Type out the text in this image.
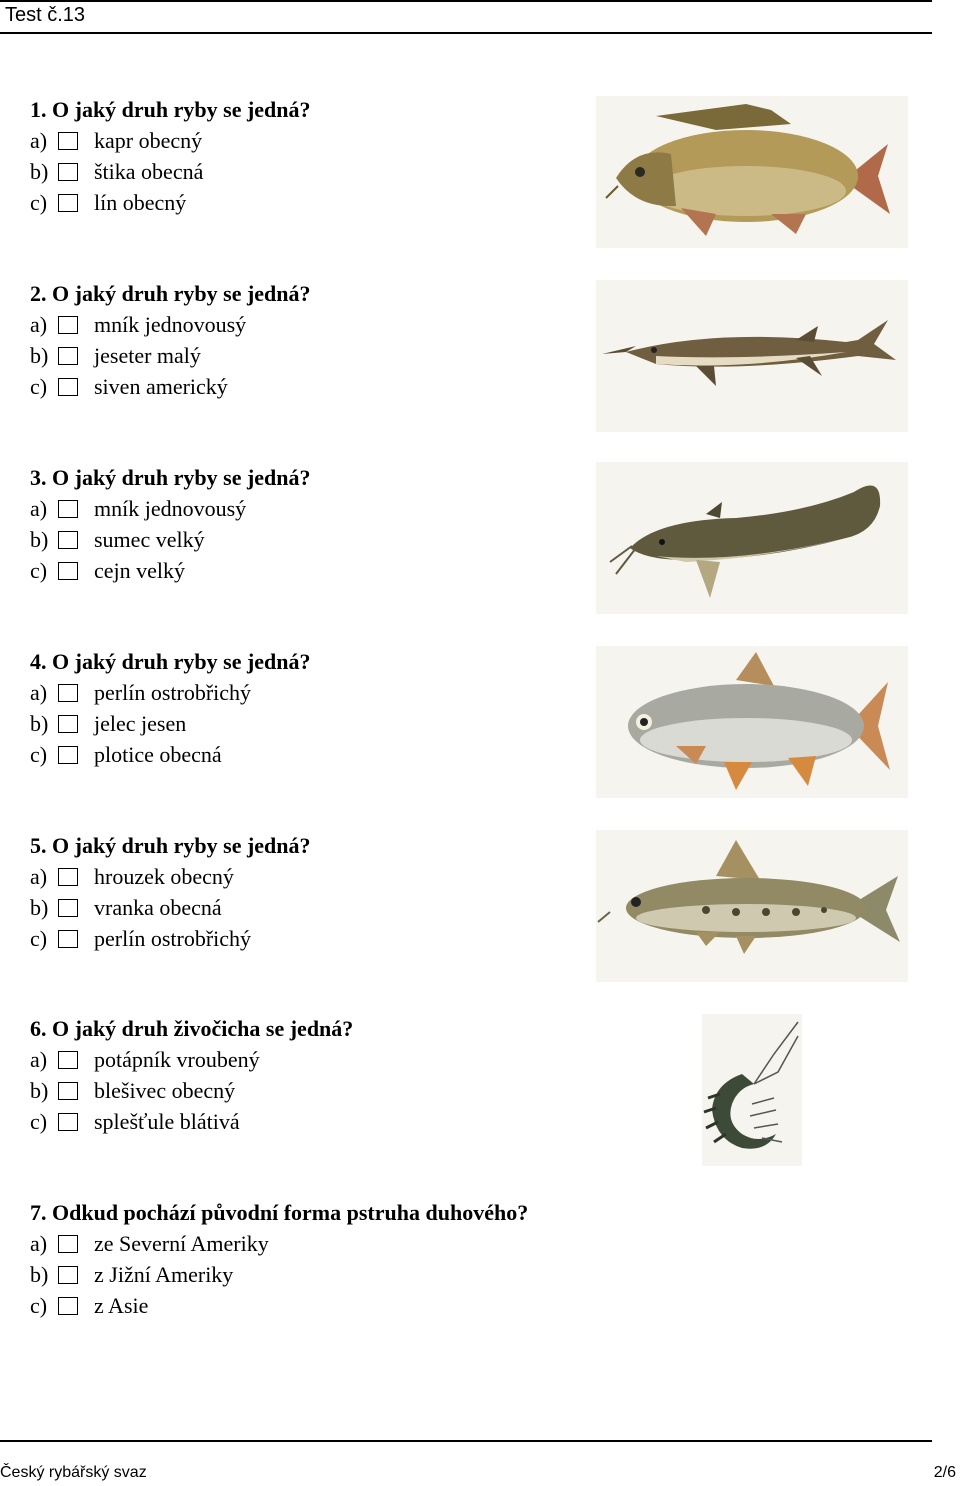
Test č.13
1. O jaký druh ryby se jedná?
a)	kapr obecný
b)	štika obecná
c)	lín obecný
2. O jaký druh ryby se jedná?
a)	mník jednovousý
b)	jeseter malý
c)	siven americký
3. O jaký druh ryby se jedná?
a)	mník jednovousý
b)	sumec velký
c)	cejn velký
4. O jaký druh ryby se jedná?
a)	perlín ostrobřichý
b)	jelec jesen
c)	plotice obecná
5. O jaký druh ryby se jedná?
a)	hrouzek obecný
b)	vranka obecná
c)	perlín ostrobřichý
6. O jaký druh živočicha se jedná?
a)	potápník vroubený
b)	blešivec obecný
c)	splešťule blátivá
7. Odkud pochází původní forma pstruha duhového?
a)	ze Severní Ameriky
b)	z Jižní Ameriky
c)	z Asie
Český rybářský svaz	2/6
